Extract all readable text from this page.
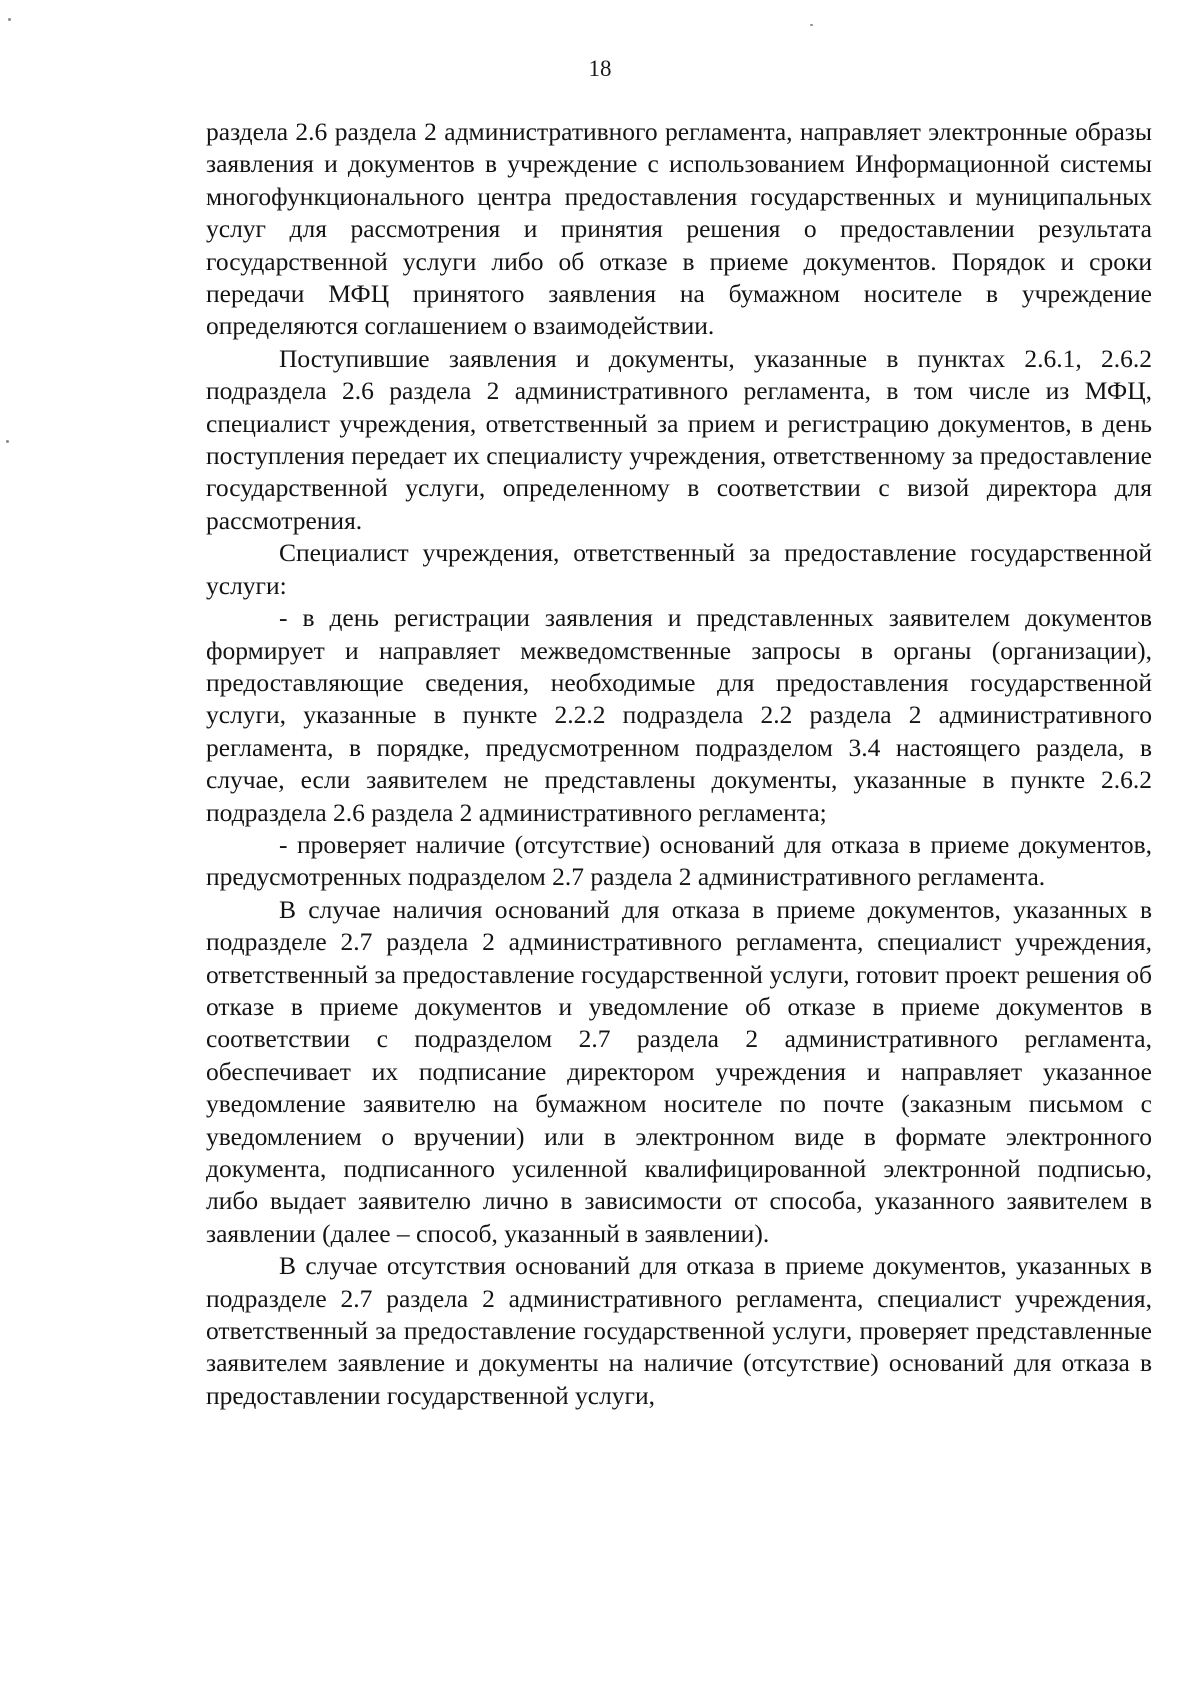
18

раздела 2.6 раздела 2 административного регламента, направляет электронные образы заявления и документов в учреждение с использованием Информационной системы многофункционального центра предоставления государственных и муниципальных услуг для рассмотрения и принятия решения о предоставлении результата государственной услуги либо об отказе в приеме документов. Порядок и сроки передачи МФЦ принятого заявления на бумажном носителе в учреждение определяются соглашением о взаимодействии.

Поступившие заявления и документы, указанные в пунктах 2.6.1, 2.6.2 подраздела 2.6 раздела 2 административного регламента, в том числе из МФЦ, специалист учреждения, ответственный за прием и регистрацию документов, в день поступления передает их специалисту учреждения, ответственному за предоставление государственной услуги, определенному в соответствии с визой директора для рассмотрения.

Специалист учреждения, ответственный за предоставление государственной услуги:

- в день регистрации заявления и представленных заявителем документов формирует и направляет межведомственные запросы в органы (организации), предоставляющие сведения, необходимые для предоставления государственной услуги, указанные в пункте 2.2.2 подраздела 2.2 раздела 2 административного регламента, в порядке, предусмотренном подразделом 3.4 настоящего раздела, в случае, если заявителем не представлены документы, указанные в пункте 2.6.2 подраздела 2.6 раздела 2 административного регламента;

- проверяет наличие (отсутствие) оснований для отказа в приеме документов, предусмотренных подразделом 2.7 раздела 2 административного регламента.

В случае наличия оснований для отказа в приеме документов, указанных в подразделе 2.7 раздела 2 административного регламента, специалист учреждения, ответственный за предоставление государственной услуги, готовит проект решения об отказе в приеме документов и уведомление об отказе в приеме документов в соответствии с подразделом 2.7 раздела 2 административного регламента, обеспечивает их подписание директором учреждения и направляет указанное уведомление заявителю на бумажном носителе по почте (заказным письмом с уведомлением о вручении) или в электронном виде в формате электронного документа, подписанного усиленной квалифицированной электронной подписью, либо выдает заявителю лично в зависимости от способа, указанного заявителем в заявлении (далее – способ, указанный в заявлении).

В случае отсутствия оснований для отказа в приеме документов, указанных в подразделе 2.7 раздела 2 административного регламента, специалист учреждения, ответственный за предоставление государственной услуги, проверяет представленные заявителем заявление и документы на наличие (отсутствие) оснований для отказа в предоставлении государственной услуги,
